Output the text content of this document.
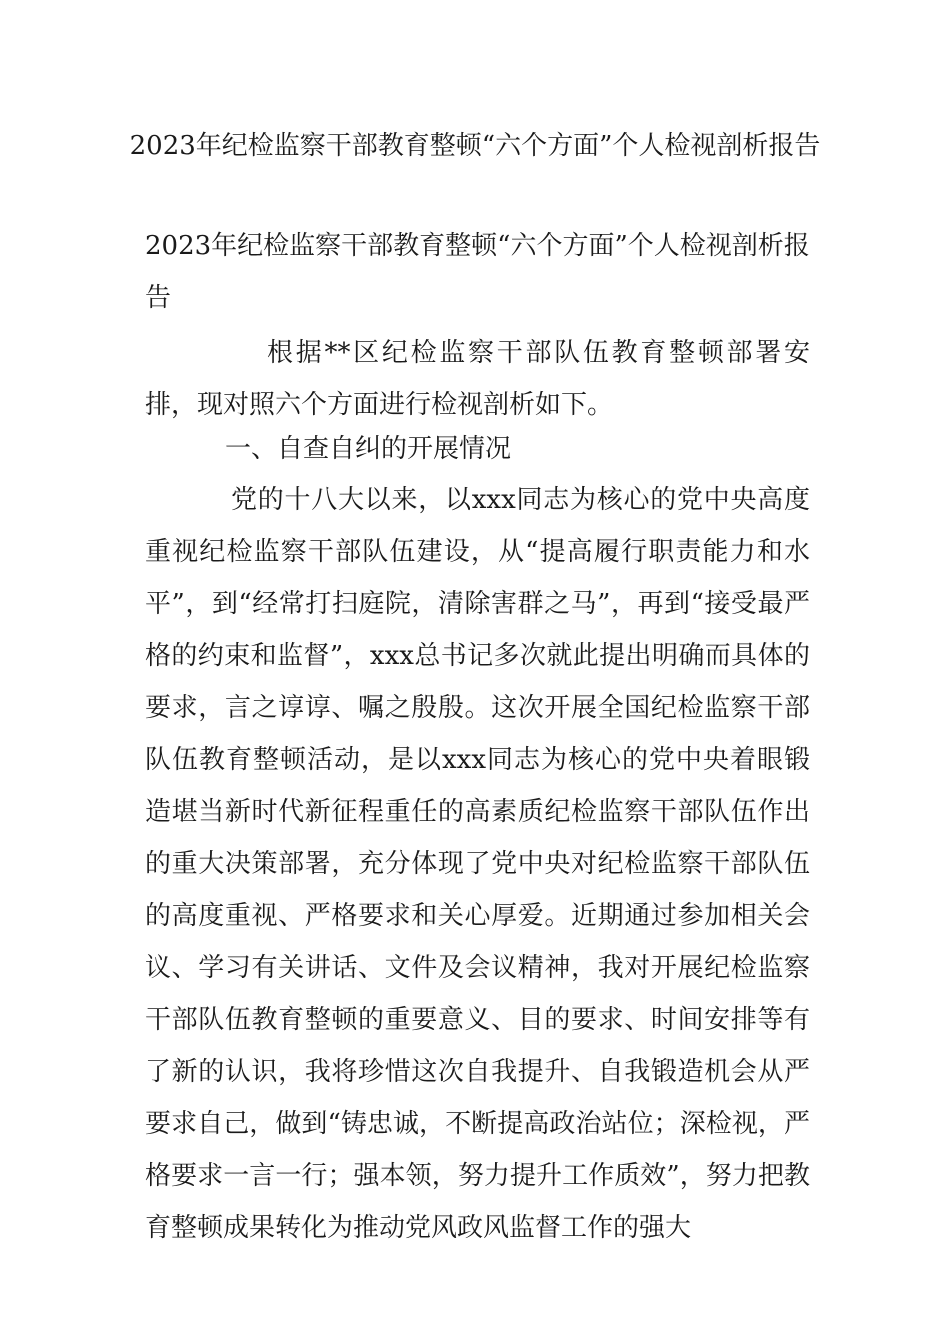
2023年纪检监察干部教育整顿“六个方面”个人检视剖析报告
2023年纪检监察干部教育整顿“六个方面”个人检视剖析报告
根据**区纪检监察干部队伍教育整顿部署安排，现对照六个方面进行检视剖析如下。
一、自查自纠的开展情况
党的十八大以来，以xxx同志为核心的党中央高度重视纪检监察干部队伍建设，从“提高履行职责能力和水平”，到“经常打扫庭院，清除害群之马”，再到“接受最严格的约束和监督”，xxx总书记多次就此提出明确而具体的要求，言之谆谆、嘱之殷殷。这次开展全国纪检监察干部队伍教育整顿活动，是以xxx同志为核心的党中央着眼锻造堪当新时代新征程重任的高素质纪检监察干部队伍作出的重大决策部署，充分体现了党中央对纪检监察干部队伍的高度重视、严格要求和关心厚爱。近期通过参加相关会议、学习有关讲话、文件及会议精神，我对开展纪检监察干部队伍教育整顿的重要意义、目的要求、时间安排等有了新的认识，我将珍惜这次自我提升、自我锻造机会从严要求自己，做到“铸忠诚，不断提高政治站位；深检视，严格要求一言一行；强本领，努力提升工作质效”，努力把教育整顿成果转化为推动党风政风监督工作的强大
